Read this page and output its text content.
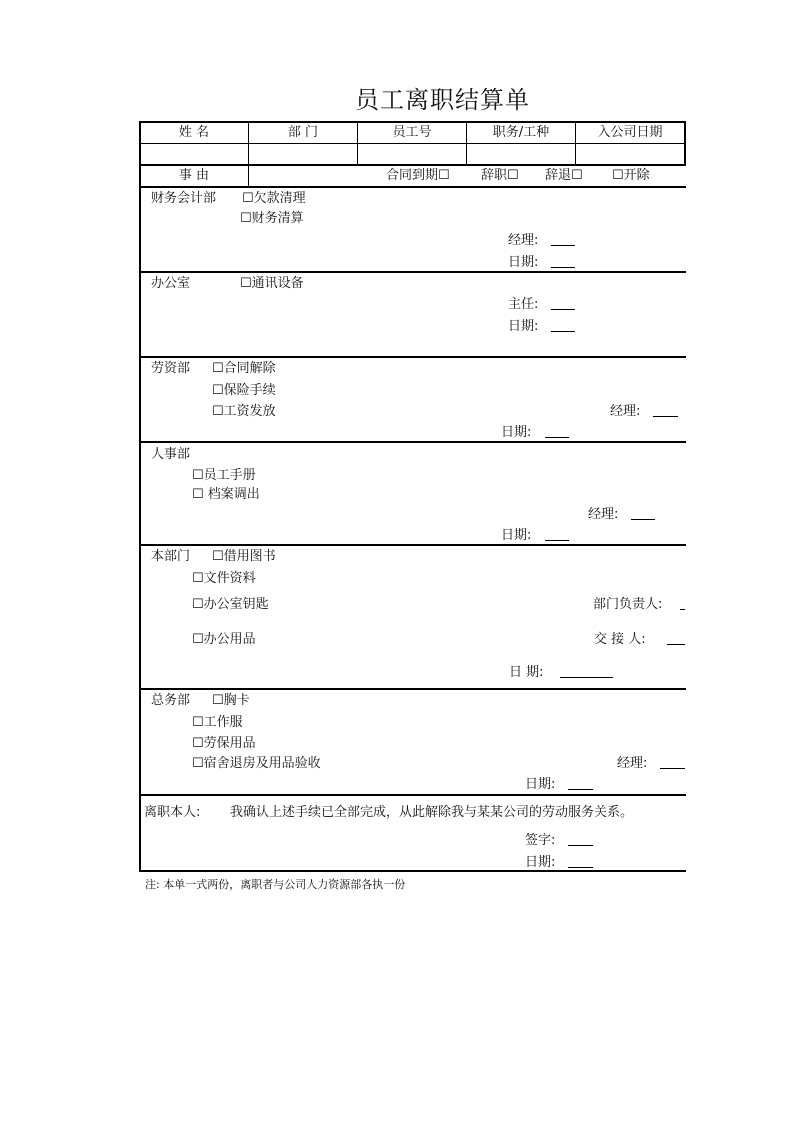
员工离职结算单
姓 名	部 门	员工号	职务/工种	入公司日期
事 由	合同到期☐ 辞职☐ 辞退☐ ☐开除
财务会计部 ☐欠款清理
☐财务清算
经理:
日期:
办公室	☐通讯设备
主任:
日期:
劳资部 ☐合同解除
☐保险手续
☐工资发放	经理:
日期:
人事部
☐员工手册
☐ 档案调出
经理:
日期:
本部门 ☐借用图书
☐文件资料
☐办公室钥匙	部门负责人:
☐办公用品	交 接 人:
日 期:
总务部 ☐胸卡
☐工作服
☐劳保用品
☐宿舍退房及用品验收	经理:
日期:
离职本人: 我确认上述手续已全部完成，从此解除我与某某公司的劳动服务关系。
签字:
日期:
注: 本单一式两份，离职者与公司人力资源部各执一份
